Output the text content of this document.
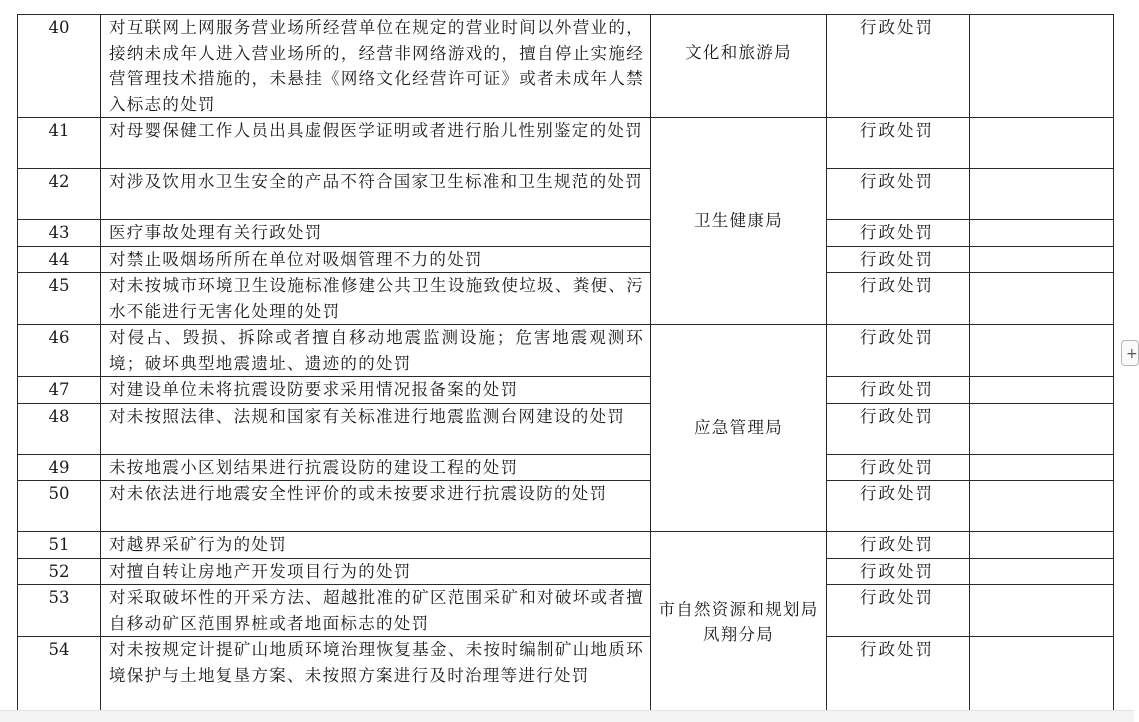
40	对互联网上网服务营业场所经营单位在规定的营业时间以外营业的，接纳未成年人进入营业场所的，经营非网络游戏的，擅自停止实施经营管理技术措施的，未悬挂《网络文化经营许可证》或者未成年人禁入标志的处罚	文化和旅游局	行政处罚	
41	对母婴保健工作人员出具虚假医学证明或者进行胎儿性别鉴定的处罚	卫生健康局	行政处罚	
42	对涉及饮用水卫生安全的产品不符合国家卫生标准和卫生规范的处罚		行政处罚	
43	医疗事故处理有关行政处罚		行政处罚	
44	对禁止吸烟场所所在单位对吸烟管理不力的处罚		行政处罚	
45	对未按城市环境卫生设施标准修建公共卫生设施致使垃圾、粪便、污水不能进行无害化处理的处罚		行政处罚	
46	对侵占、毁损、拆除或者擅自移动地震监测设施；危害地震观测环境；破坏典型地震遗址、遗迹的的处罚	应急管理局	行政处罚	
47	对建设单位未将抗震设防要求采用情况报备案的处罚		行政处罚	
48	对未按照法律、法规和国家有关标准进行地震监测台网建设的处罚		行政处罚	
49	未按地震小区划结果进行抗震设防的建设工程的处罚		行政处罚	
50	对未依法进行地震安全性评价的或未按要求进行抗震设防的处罚		行政处罚	
51	对越界采矿行为的处罚	市自然资源和规划局凤翔分局	行政处罚	
52	对擅自转让房地产开发项目行为的处罚		行政处罚	
53	对采取破坏性的开采方法、超越批准的矿区范围采矿和对破坏或者擅自移动矿区范围界桩或者地面标志的处罚		行政处罚	
54	对未按规定计提矿山地质环境治理恢复基金、未按时编制矿山地质环境保护与土地复垦方案、未按照方案进行及时治理等进行处罚		行政处罚	
+
